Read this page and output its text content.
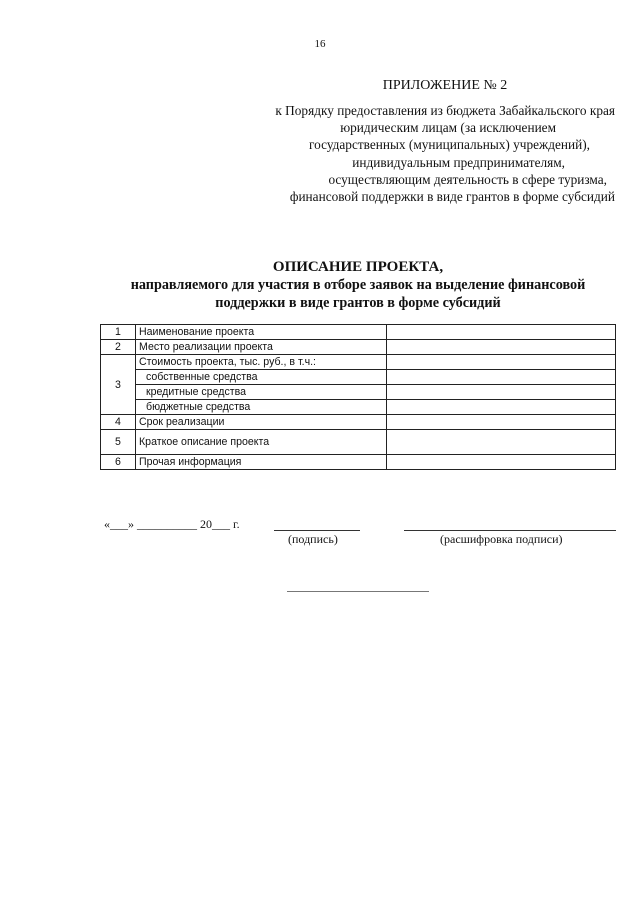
16
ПРИЛОЖЕНИЕ № 2
к Порядку предоставления из бюджета Забайкальского края
юридическим лицам (за исключением
государственных (муниципальных) учреждений),
индивидуальным предпринимателям,
осуществляющим деятельность в сфере туризма,
финансовой поддержки в виде грантов в форме субсидий
ОПИСАНИЕ ПРОЕКТА,
направляемого для участия в отборе заявок на выделение финансовой
поддержки в виде грантов в форме субсидий
1	Наименование проекта	
2	Место реализации проекта	
3	Стоимость проекта, тыс. руб., в т.ч.:	
	собственные средства	
	кредитные средства	
	бюджетные средства	
4	Срок реализации	
5	Краткое описание проекта	
6	Прочая информация	
«___» __________ 20___ г.
(подпись)	(расшифровка подписи)
